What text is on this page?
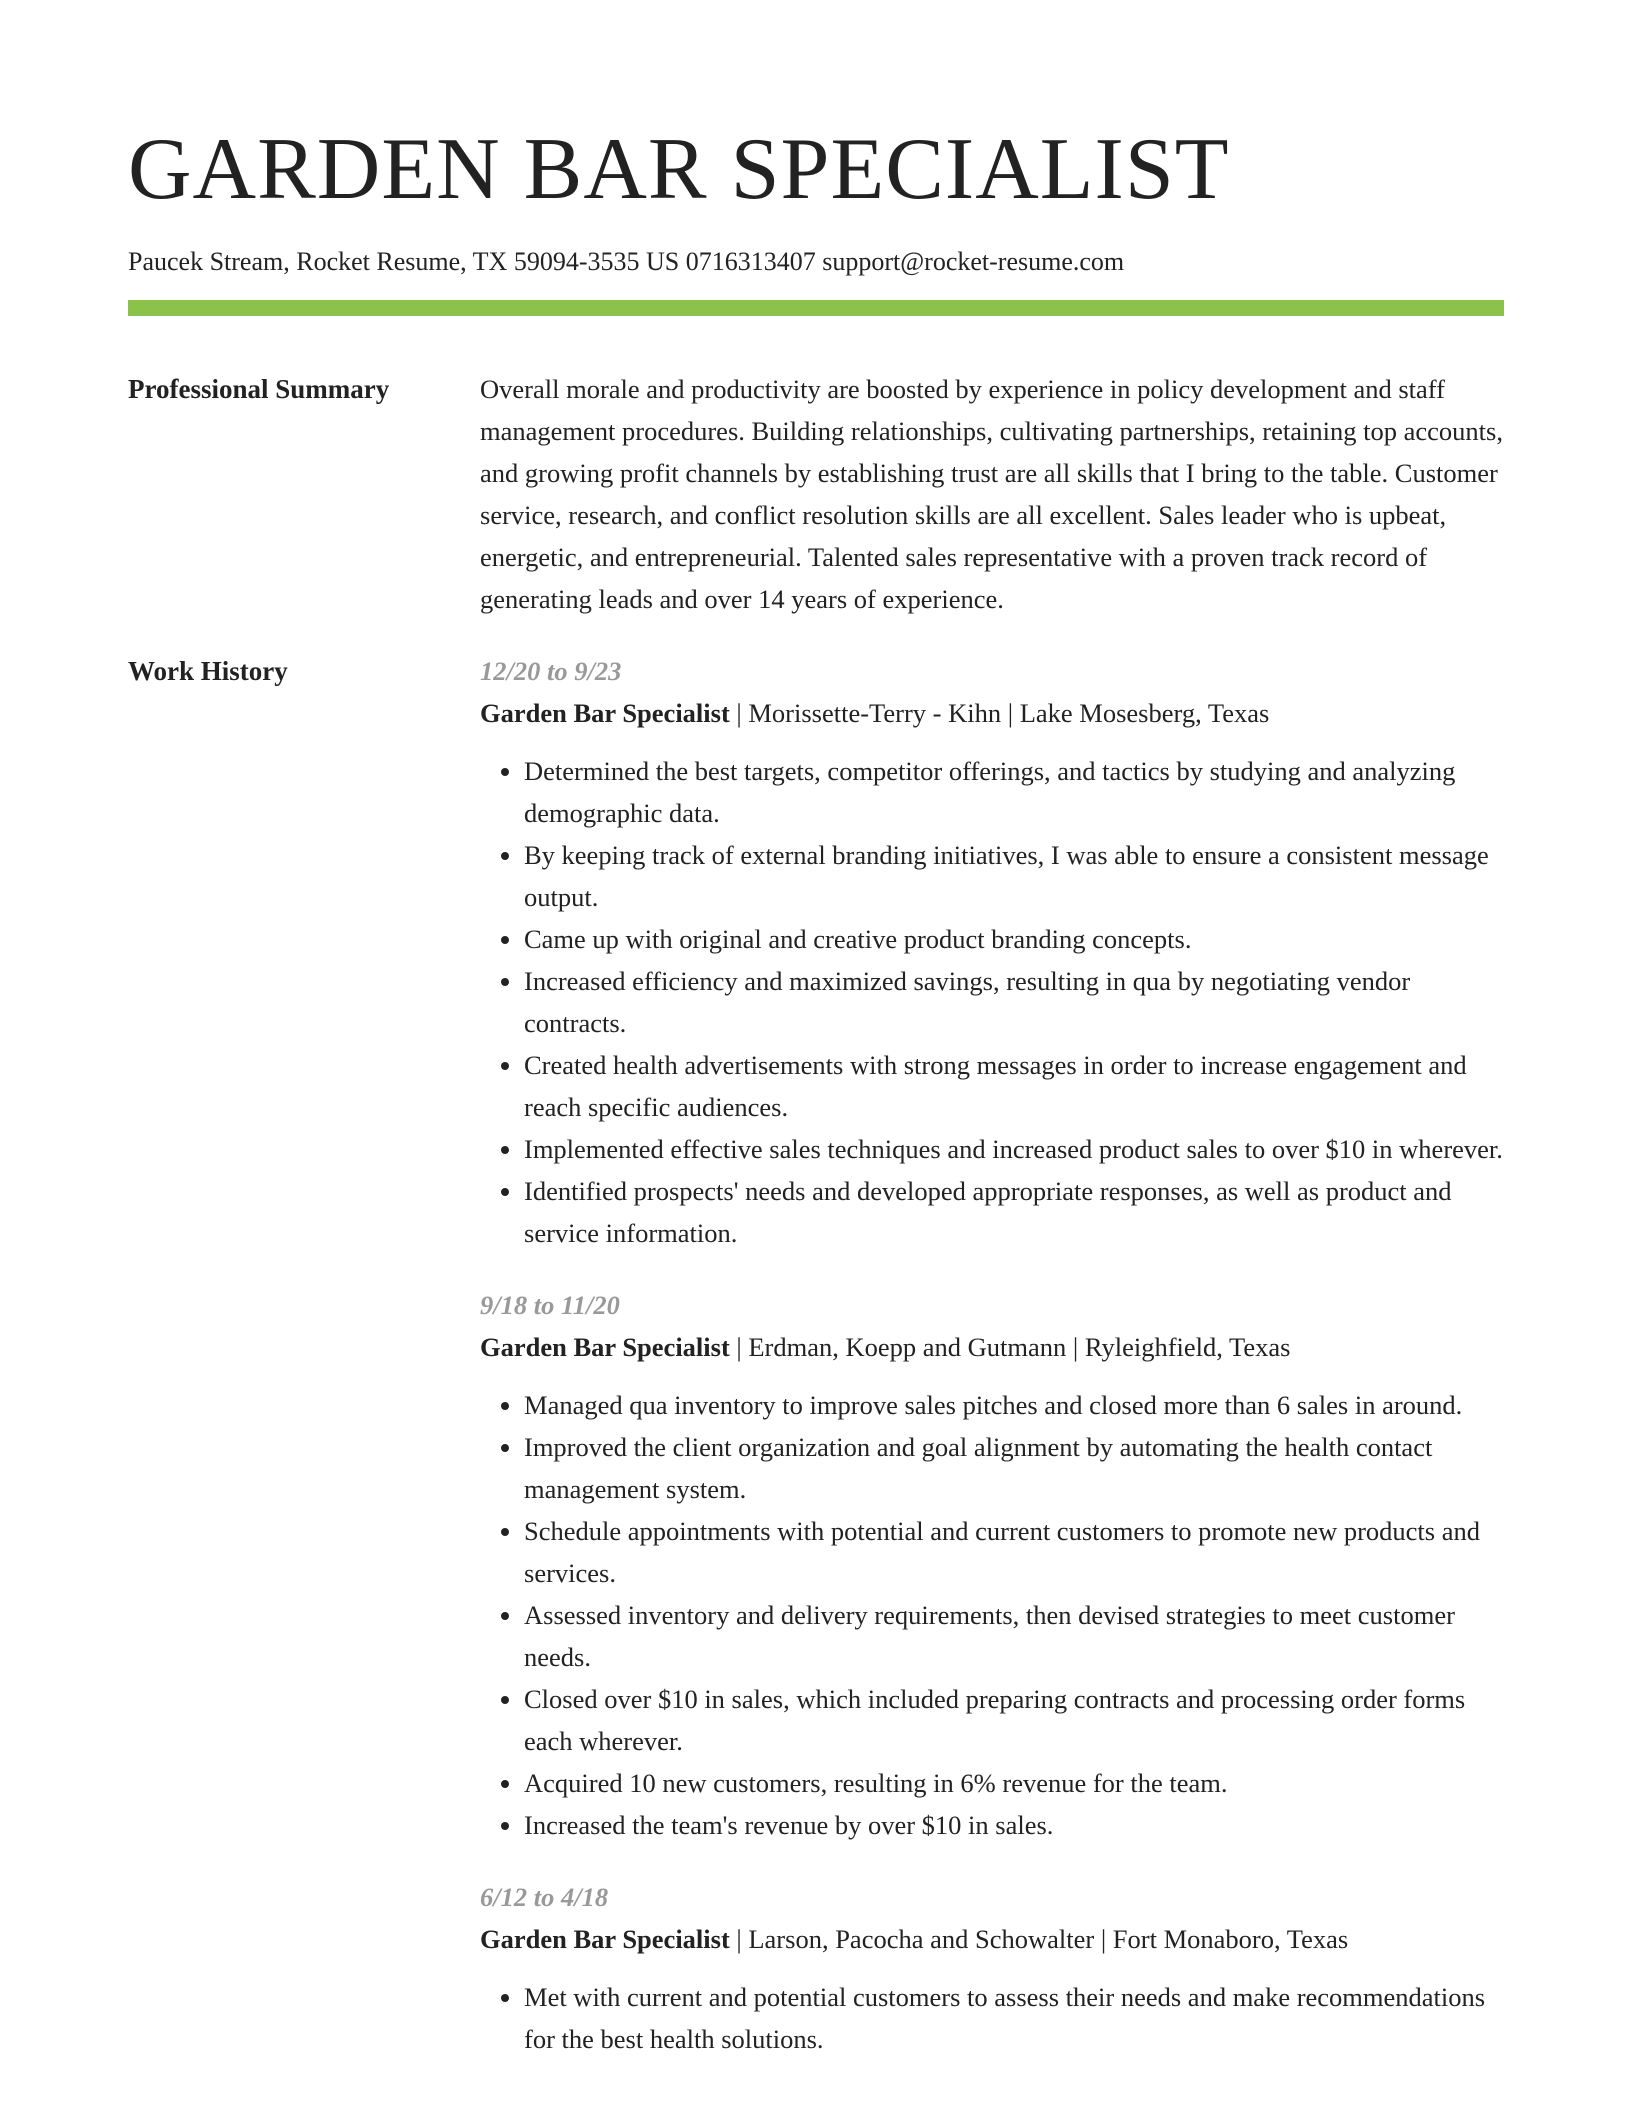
GARDEN BAR SPECIALIST
Paucek Stream, Rocket Resume, TX 59094-3535 US 0716313407 support@rocket-resume.com
Professional Summary	Overall morale and productivity are boosted by experience in policy development and staff management procedures. Building relationships, cultivating partnerships, retaining top accounts, and growing profit channels by establishing trust are all skills that I bring to the table. Customer service, research, and conflict resolution skills are all excellent. Sales leader who is upbeat, energetic, and entrepreneurial. Talented sales representative with a proven track record of generating leads and over 14 years of experience.

Work History	12/20 to 9/23
Garden Bar Specialist | Morissette-Terry - Kihn | Lake Mosesberg, Texas
• Determined the best targets, competitor offerings, and tactics by studying and analyzing demographic data.
• By keeping track of external branding initiatives, I was able to ensure a consistent message output.
• Came up with original and creative product branding concepts.
• Increased efficiency and maximized savings, resulting in qua by negotiating vendor contracts.
• Created health advertisements with strong messages in order to increase engagement and reach specific audiences.
• Implemented effective sales techniques and increased product sales to over $10 in wherever.
• Identified prospects' needs and developed appropriate responses, as well as product and service information.
9/18 to 11/20
Garden Bar Specialist | Erdman, Koepp and Gutmann | Ryleighfield, Texas
• Managed qua inventory to improve sales pitches and closed more than 6 sales in around.
• Improved the client organization and goal alignment by automating the health contact management system.
• Schedule appointments with potential and current customers to promote new products and services.
• Assessed inventory and delivery requirements, then devised strategies to meet customer needs.
• Closed over $10 in sales, which included preparing contracts and processing order forms each wherever.
• Acquired 10 new customers, resulting in 6% revenue for the team.
• Increased the team's revenue by over $10 in sales.
6/12 to 4/18
Garden Bar Specialist | Larson, Pacocha and Schowalter | Fort Monaboro, Texas
• Met with current and potential customers to assess their needs and make recommendations for the best health solutions.
